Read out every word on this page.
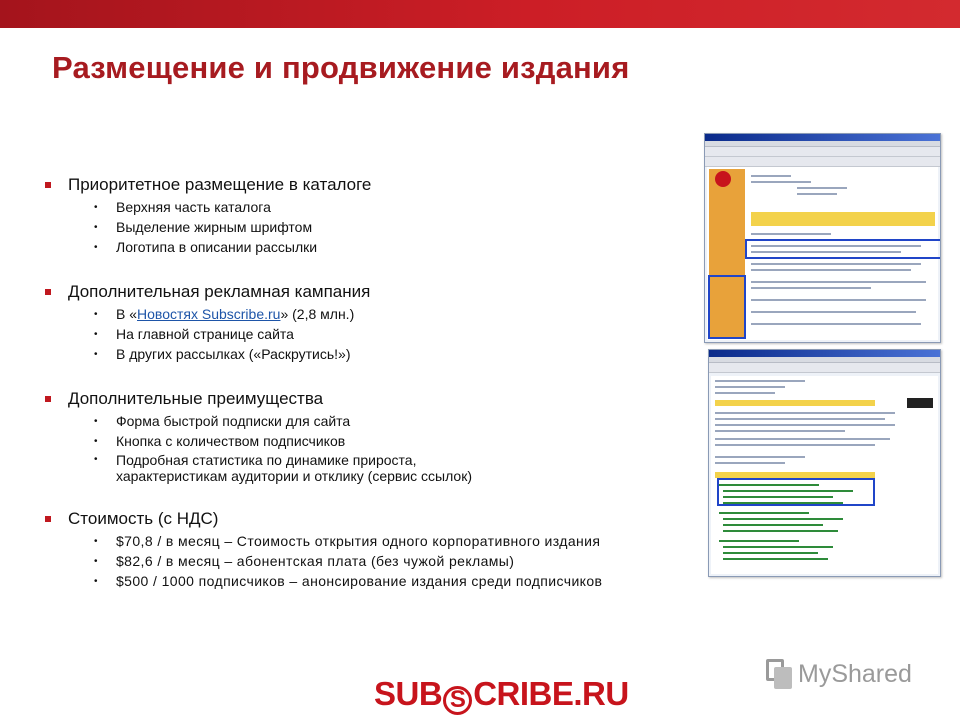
Размещение и продвижение издания
Приоритетное размещение в каталоге
• Верхняя часть каталога
• Выделение жирным шрифтом
• Логотипа в описании рассылки
Дополнительная рекламная кампания
• В «Новостях Subscribe.ru» (2,8 млн.)
• На главной странице сайта
• В других рассылках («Раскрутись!»)
Дополнительные преимущества
• Форма быстрой подписки для сайта
• Кнопка с количеством подписчиков
• Подробная статистика по динамике прироста,
характеристикам аудитории и отклику (сервис ссылок)
Стоимость (с НДС)
• $70,8 / в месяц – Стоимость открытия одного корпоративного издания
• $82,6 / в месяц – абонентская плата (без чужой рекламы)
• $500 / 1000 подписчиков – анонсирование издания среди подписчиков
SUB S CRIBE.RU
MyShared
